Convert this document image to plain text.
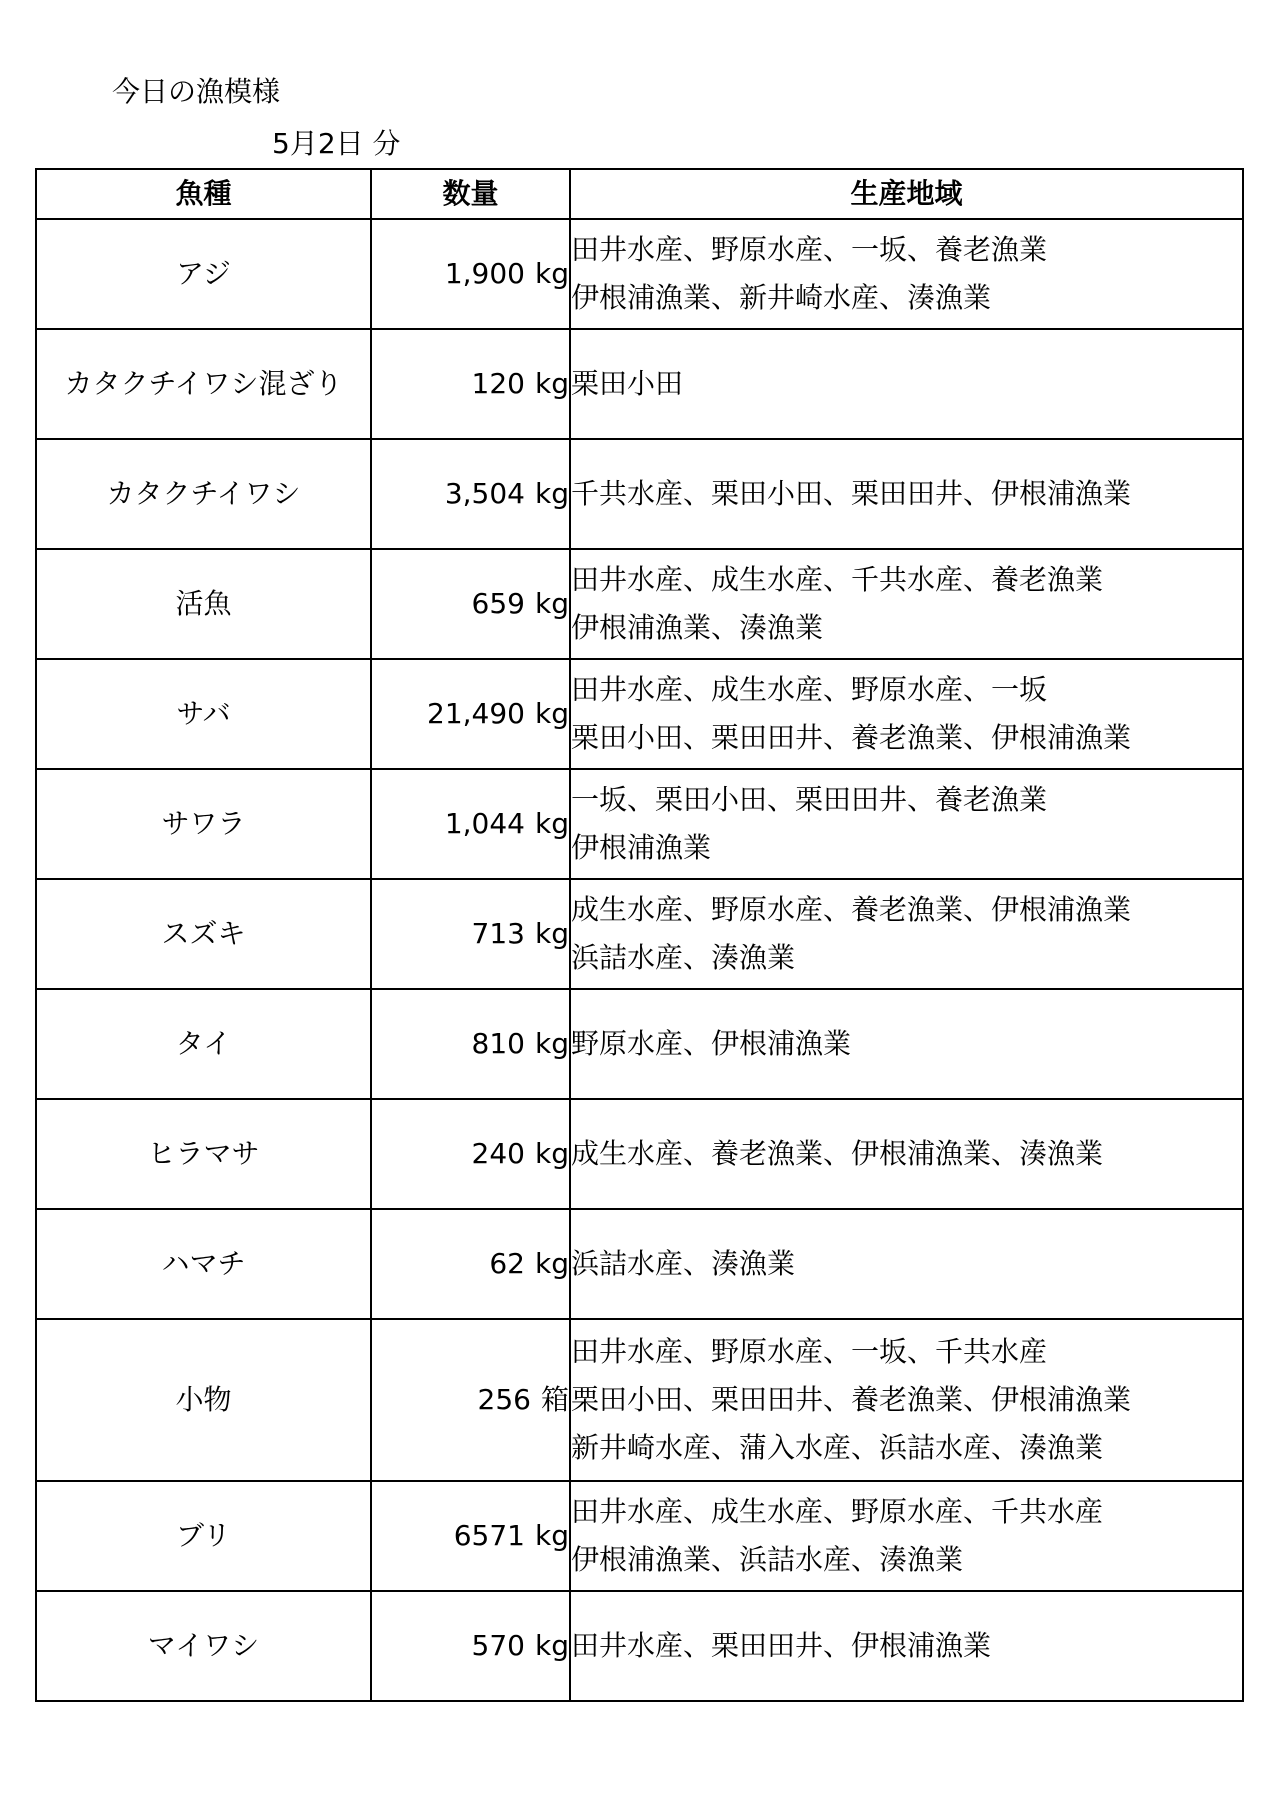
今日の漁模様
5月2日 分
魚種	数量	生産地域
アジ	1,900 kg	田井水産、野原水産、一坂、養老漁業
伊根浦漁業、新井崎水産、湊漁業

カタクチイワシ混ざり	120 kg	栗田小田

カタクチイワシ	3,504 kg	千共水産、栗田小田、栗田田井、伊根浦漁業

活魚	659 kg	田井水産、成生水産、千共水産、養老漁業
伊根浦漁業、湊漁業

サバ	21,490 kg	田井水産、成生水産、野原水産、一坂
栗田小田、栗田田井、養老漁業、伊根浦漁業

サワラ	1,044 kg	一坂、栗田小田、栗田田井、養老漁業
伊根浦漁業

スズキ	713 kg	成生水産、野原水産、養老漁業、伊根浦漁業
浜詰水産、湊漁業

タイ	810 kg	野原水産、伊根浦漁業

ヒラマサ	240 kg	成生水産、養老漁業、伊根浦漁業、湊漁業

ハマチ	62 kg	浜詰水産、湊漁業

小物	256 箱	田井水産、野原水産、一坂、千共水産
栗田小田、栗田田井、養老漁業、伊根浦漁業
新井崎水産、蒲入水産、浜詰水産、湊漁業

ブリ	6571 kg	田井水産、成生水産、野原水産、千共水産
伊根浦漁業、浜詰水産、湊漁業

マイワシ	570 kg	田井水産、栗田田井、伊根浦漁業
